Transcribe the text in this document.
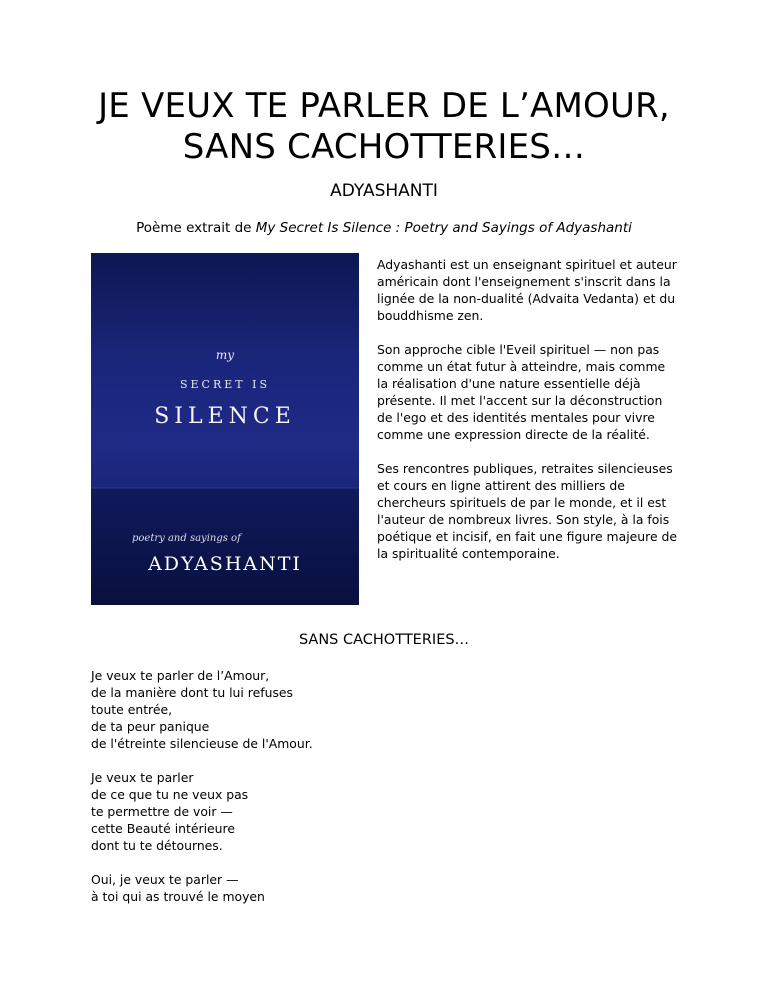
JE VEUX TE PARLER DE L’AMOUR,
SANS CACHOTTERIES…
ADYASHANTI
Poème extrait de My Secret Is Silence : Poetry and Sayings of Adyashanti
my
SECRET IS
SILENCE
poetry and sayings of
ADYASHANTI

Adyashanti est un enseignant spirituel et auteur américain dont l'enseignement s'inscrit dans la lignée de la non-dualité (Advaita Vedanta) et du bouddhisme zen.

Son approche cible l'Eveil spirituel — non pas comme un état futur à atteindre, mais comme la réalisation d'une nature essentielle déjà présente. Il met l'accent sur la déconstruction de l'ego et des identités mentales pour vivre comme une expression directe de la réalité.

Ses rencontres publiques, retraites silencieuses et cours en ligne attirent des milliers de chercheurs spirituels de par le monde, et il est l'auteur de nombreux livres. Son style, à la fois poétique et incisif, en fait une figure majeure de la spiritualité contemporaine.

SANS CACHOTTERIES…
Je veux te parler de l’Amour,
de la manière dont tu lui refuses
toute entrée,
de ta peur panique
de l'étreinte silencieuse de l'Amour.
Je veux te parler
de ce que tu ne veux pas
te permettre de voir —
cette Beauté intérieure
dont tu te détournes.
Oui, je veux te parler —
à toi qui as trouvé le moyen
